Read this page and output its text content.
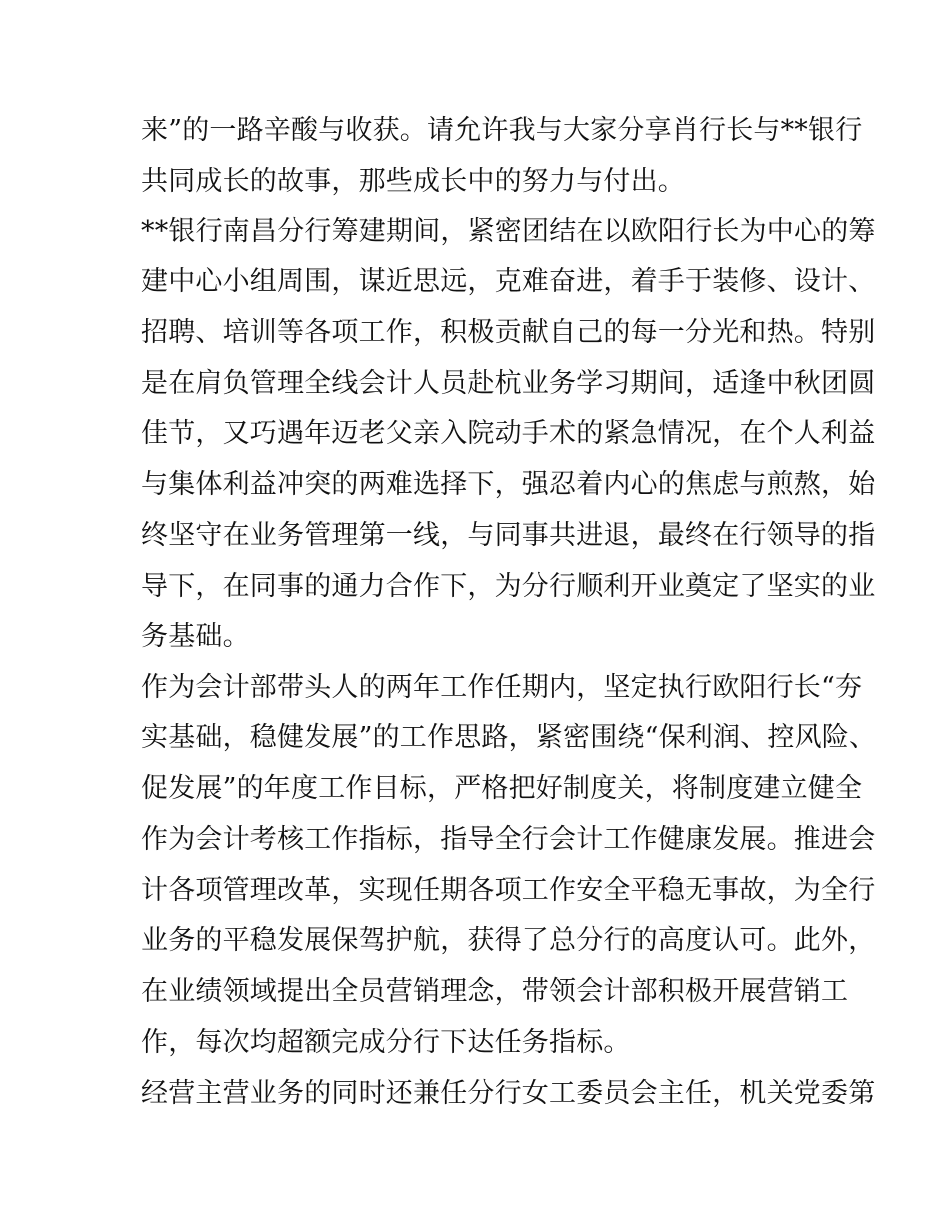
来”的一路辛酸与收获。请允许我与大家分享肖行长与**银行

共同成长的故事，那些成长中的努力与付出。

**银行南昌分行筹建期间，紧密团结在以欧阳行长为中心的筹

建中心小组周围，谋近思远，克难奋进，着手于装修、设计、

招聘、培训等各项工作，积极贡献自己的每一分光和热。特别

是在肩负管理全线会计人员赴杭业务学习期间，适逢中秋团圆

佳节，又巧遇年迈老父亲入院动手术的紧急情况，在个人利益

与集体利益冲突的两难选择下，强忍着内心的焦虑与煎熬，始

终坚守在业务管理第一线，与同事共进退，最终在行领导的指

导下，在同事的通力合作下，为分行顺利开业奠定了坚实的业

务基础。

作为会计部带头人的两年工作任期内，坚定执行欧阳行长“夯

实基础，稳健发展”的工作思路，紧密围绕“保利润、控风险、

促发展”的年度工作目标，严格把好制度关，将制度建立健全

作为会计考核工作指标，指导全行会计工作健康发展。推进会

计各项管理改革，实现任期各项工作安全平稳无事故，为全行

业务的平稳发展保驾护航，获得了总分行的高度认可。此外，

在业绩领域提出全员营销理念，带领会计部积极开展营销工

作，每次均超额完成分行下达任务指标。

经营主营业务的同时还兼任分行女工委员会主任，机关党委第
